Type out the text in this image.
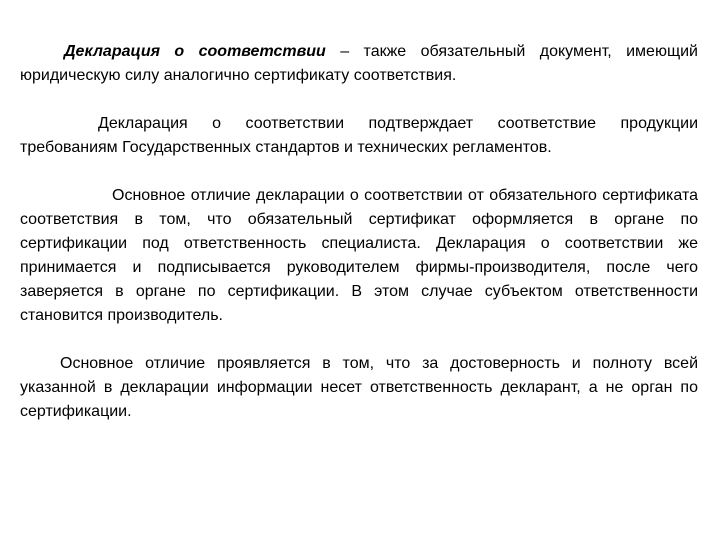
Декларация о соответствии – также обязательный документ, имеющий юридическую силу аналогично сертификату соответствия.

Декларация о соответствии подтверждает соответствие продукции требованиям Государственных стандартов и технических регламентов.

Основное отличие декларации о соответствии от обязательного сертификата соответствия в том, что обязательный сертификат оформляется в органе по сертификации под ответственность специалиста. Декларация о соответствии же принимается и подписывается руководителем фирмы-производителя, после чего заверяется в органе по сертификации. В этом случае субъектом ответственности становится производитель.

Основное отличие проявляется в том, что за достоверность и полноту всей указанной в декларации информации несет ответственность декларант, а не орган по сертификации.
